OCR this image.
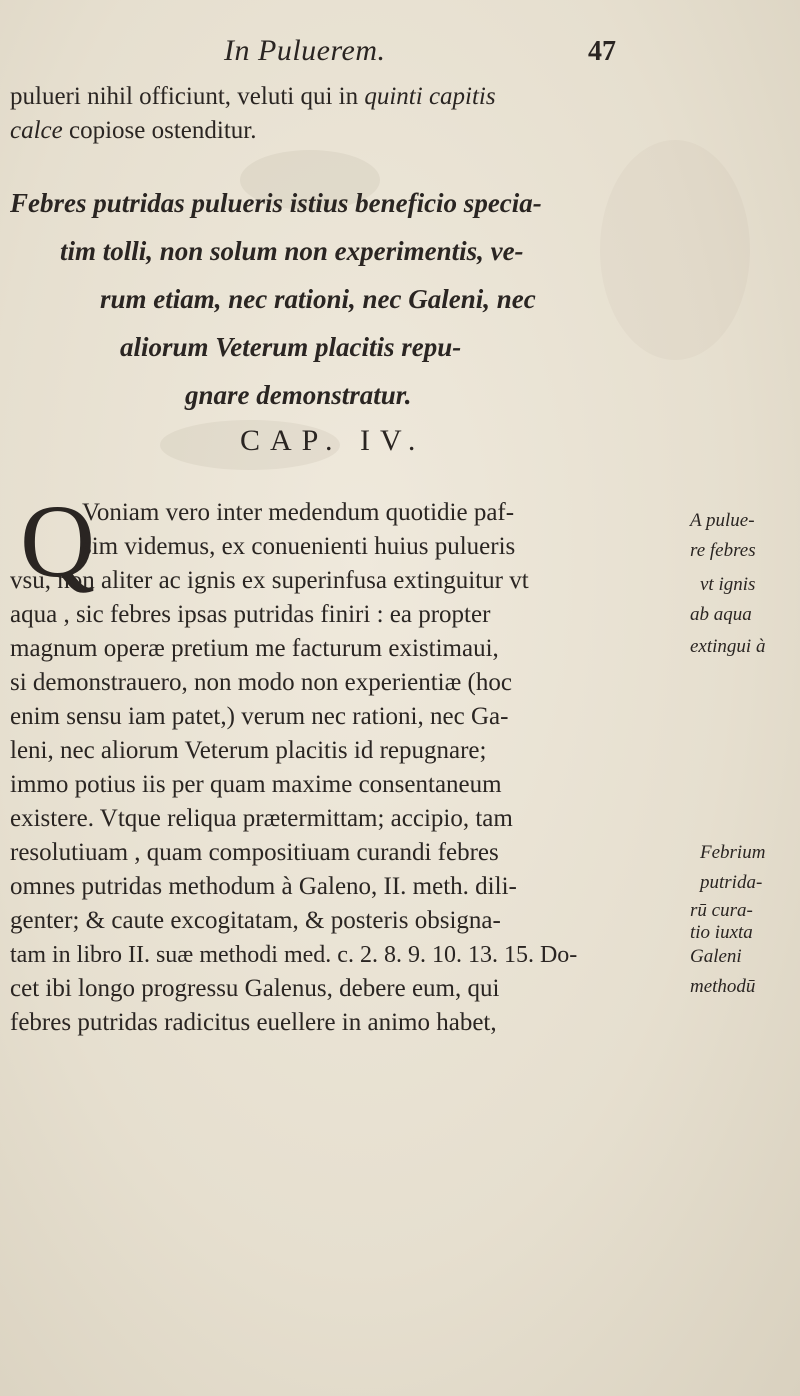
In Puluerem.	47
pulueri nihil officiunt, veluti qui in quinti capitis
calce copiose ostenditur.
Febres putridas pulueris istius beneficio specia-
tim tolli, non solum non experimentis, ve-
rum etiam, nec rationi, nec Galeni, nec
aliorum Veterum placitis repu-
gnare demonstratur.
CAP. IV.
Q
Voniam vero inter medendum quotidie paf-
sim videmus, ex conuenienti huius pulueris
vsu, non aliter ac ignis ex superinfusa extinguitur vt
aqua , sic febres ipsas putridas finiri : ea propter
magnum operæ pretium me facturum existimaui,
si demonstrauero, non modo non experientiæ (hoc
enim sensu iam patet,) verum nec rationi, nec Ga-
leni, nec aliorum Veterum placitis id repugnare;
immo potius iis per quam maxime consentaneum
existere. Vtque reliqua prætermittam; accipio, tam
resolutiuam , quam compositiuam curandi febres
omnes putridas methodum à Galeno, II. meth. dili-
genter; & caute excogitatam, & posteris obsigna-
tam in libro II. suæ methodi med. c. 2. 8. 9. 10. 13. 15. Do-
cet ibi longo progressu Galenus, debere eum, qui
febres putridas radicitus euellere in animo habet,
A pulue-
re febres
vt ignis
ab aqua
extingui à
Febrium
putrida-
rū cura-
tio iuxta
Galeni
methodū
